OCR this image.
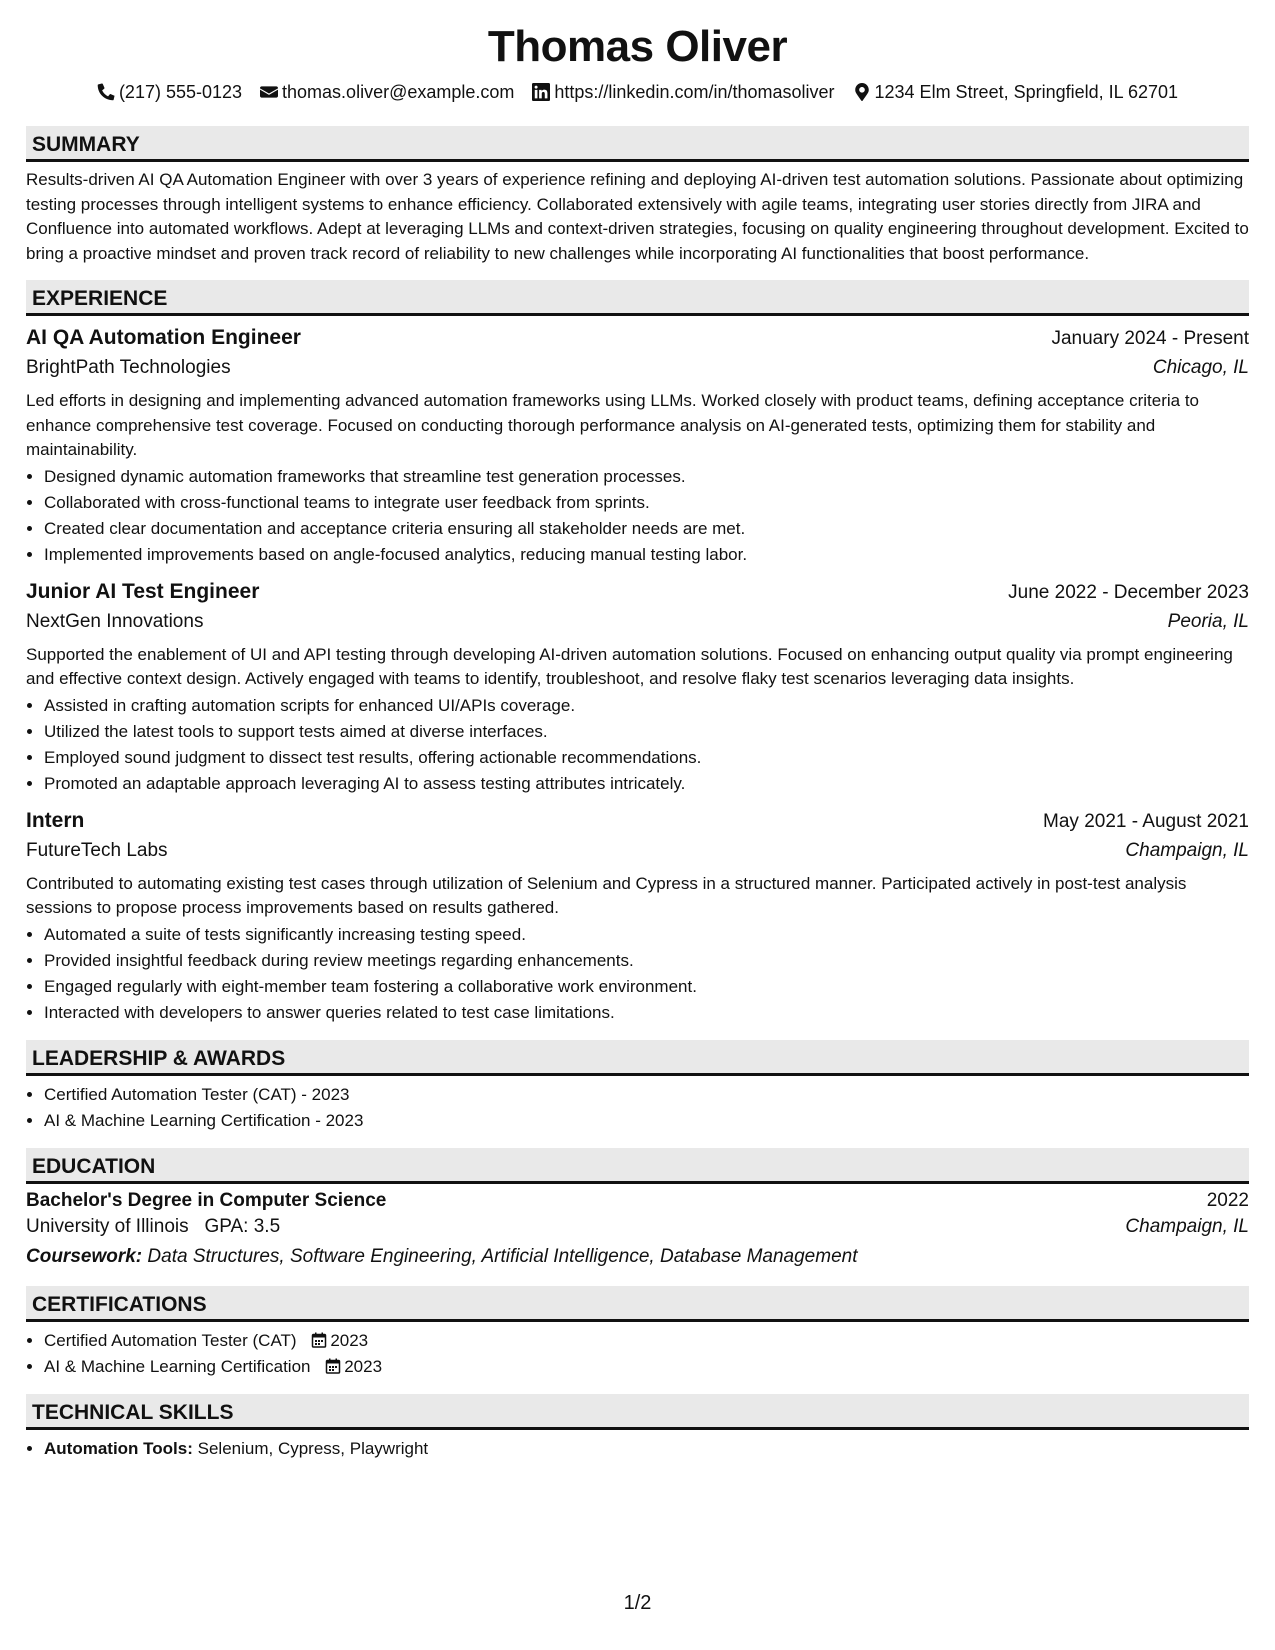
Thomas Oliver
(217) 555-0123 thomas.oliver@example.com https://linkedin.com/in/thomasoliver 1234 Elm Street, Springfield, IL 62701
SUMMARY

Results-driven AI QA Automation Engineer with over 3 years of experience refining and deploying AI-driven test automation solutions. Passionate about optimizing testing processes through intelligent systems to enhance efficiency. Collaborated extensively with agile teams, integrating user stories directly from JIRA and Confluence into automated workflows. Adept at leveraging LLMs and context-driven strategies, focusing on quality engineering throughout development. Excited to bring a proactive mindset and proven track record of reliability to new challenges while incorporating AI functionalities that boost performance.

EXPERIENCE
AI QA Automation Engineer	January 2024 - Present
BrightPath Technologies	Chicago, IL

Led efforts in designing and implementing advanced automation frameworks using LLMs. Worked closely with product teams, defining acceptance criteria to enhance comprehensive test coverage. Focused on conducting thorough performance analysis on AI-generated tests, optimizing them for stability and maintainability.

• Designed dynamic automation frameworks that streamline test generation processes.
• Collaborated with cross-functional teams to integrate user feedback from sprints.
• Created clear documentation and acceptance criteria ensuring all stakeholder needs are met.
• Implemented improvements based on angle-focused analytics, reducing manual testing labor.
Junior AI Test Engineer	June 2022 - December 2023
NextGen Innovations	Peoria, IL

Supported the enablement of UI and API testing through developing AI-driven automation solutions. Focused on enhancing output quality via prompt engineering and effective context design. Actively engaged with teams to identify, troubleshoot, and resolve flaky test scenarios leveraging data insights.

• Assisted in crafting automation scripts for enhanced UI/APIs coverage.
• Utilized the latest tools to support tests aimed at diverse interfaces.
• Employed sound judgment to dissect test results, offering actionable recommendations.
• Promoted an adaptable approach leveraging AI to assess testing attributes intricately.
Intern	May 2021 - August 2021
FutureTech Labs	Champaign, IL

Contributed to automating existing test cases through utilization of Selenium and Cypress in a structured manner. Participated actively in post-test analysis sessions to propose process improvements based on results gathered.

• Automated a suite of tests significantly increasing testing speed.
• Provided insightful feedback during review meetings regarding enhancements.
• Engaged regularly with eight-member team fostering a collaborative work environment.
• Interacted with developers to answer queries related to test case limitations.
LEADERSHIP & AWARDS
• Certified Automation Tester (CAT) - 2023
• AI & Machine Learning Certification - 2023
EDUCATION
Bachelor's Degree in Computer Science	2022
University of Illinois GPA: 3.5	Champaign, IL
Coursework: Data Structures, Software Engineering, Artificial Intelligence, Database Management
CERTIFICATIONS
• Certified Automation Tester (CAT) 2023
• AI & Machine Learning Certification 2023
TECHNICAL SKILLS
• Automation Tools: Selenium, Cypress, Playwright
1/2
